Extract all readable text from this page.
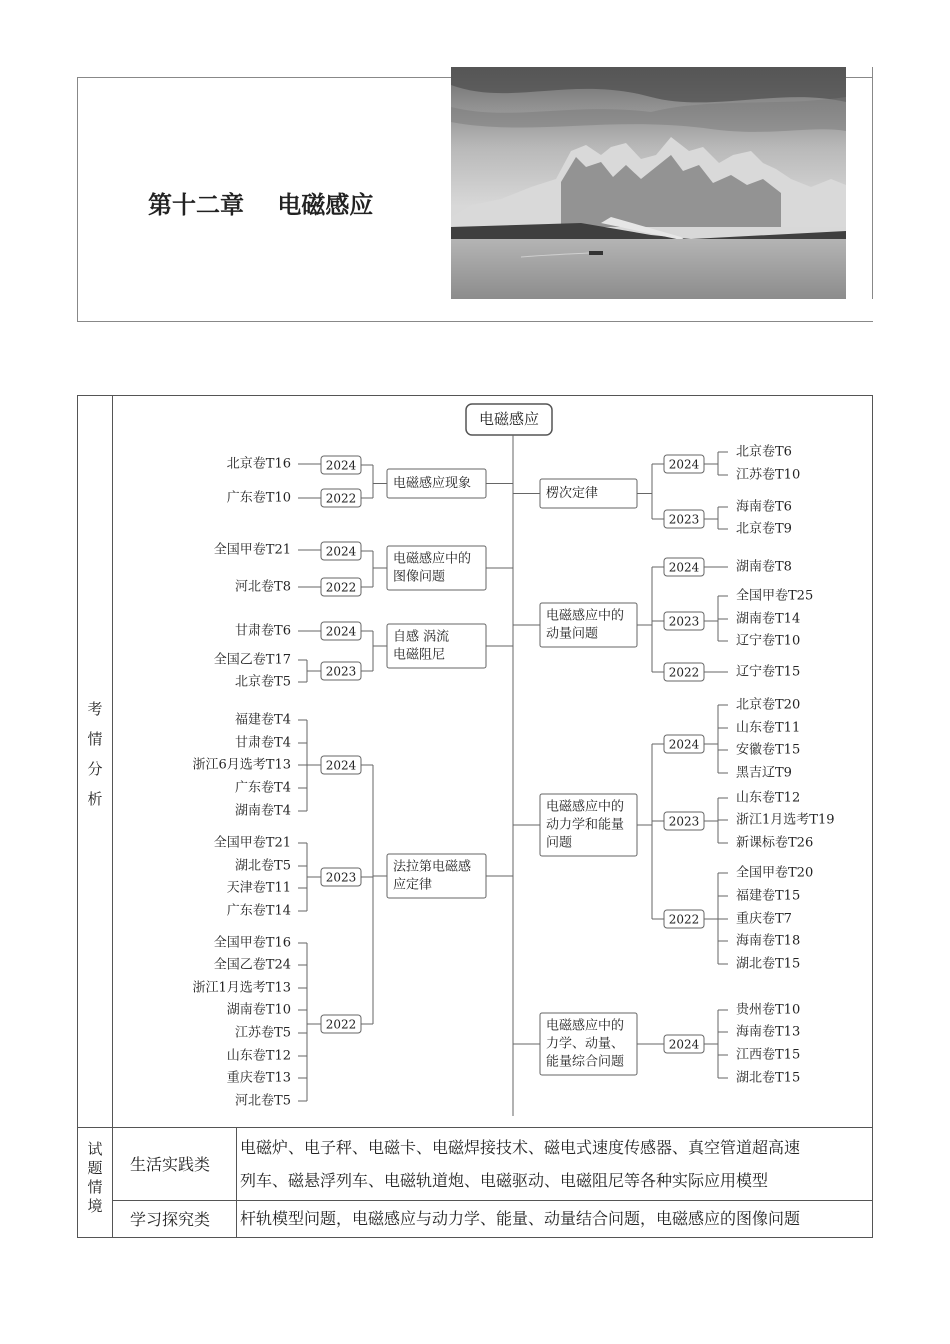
第十二章    电磁感应
考
情
分
析
试
题
情
境
生活实践类
电磁炉、电子秤、电磁卡、电磁焊接技术、磁电式速度传感器、真空管道超高速
列车、磁悬浮列车、电磁轨道炮、电磁驱动、电磁阻尼等各种实际应用模型
学习探究类 杆轨模型问题，电磁感应与动力学、能量、动量结合问题，电磁感应的图像问题
电磁感应
电磁感应现象
2024
北京卷T16
2022
广东卷T10
电磁感应中的
图像问题
2024
全国甲卷T21
2022
河北卷T8
自感 涡流
电磁阻尼
2024
甘肃卷T6
2023
全国乙卷T17
北京卷T5
法拉第电磁感
应定律
2024
福建卷T4
甘肃卷T4
浙江6月选考T13
广东卷T4
湖南卷T4
2023
全国甲卷T21
湖北卷T5
天津卷T11
广东卷T14
2022
全国甲卷T16
全国乙卷T24
浙江1月选考T13
湖南卷T10
江苏卷T5
山东卷T12
重庆卷T13
河北卷T5
楞次定律
2024
北京卷T6
江苏卷T10
2023
海南卷T6
北京卷T9
电磁感应中的
动量问题
2024	湖南卷T8
2023
全国甲卷T25
湖南卷T14
辽宁卷T10
2022	辽宁卷T15
电磁感应中的
动力学和能量
问题
2024
北京卷T20
山东卷T11
安徽卷T15
黑吉辽T9
2023
山东卷T12
浙江1月选考T19
新课标卷T26
2022
全国甲卷T20
福建卷T15
重庆卷T7
海南卷T18
湖北卷T15
电磁感应中的
力学、动量、
能量综合问题
2024
贵州卷T10
海南卷T13
江西卷T15
湖北卷T15
